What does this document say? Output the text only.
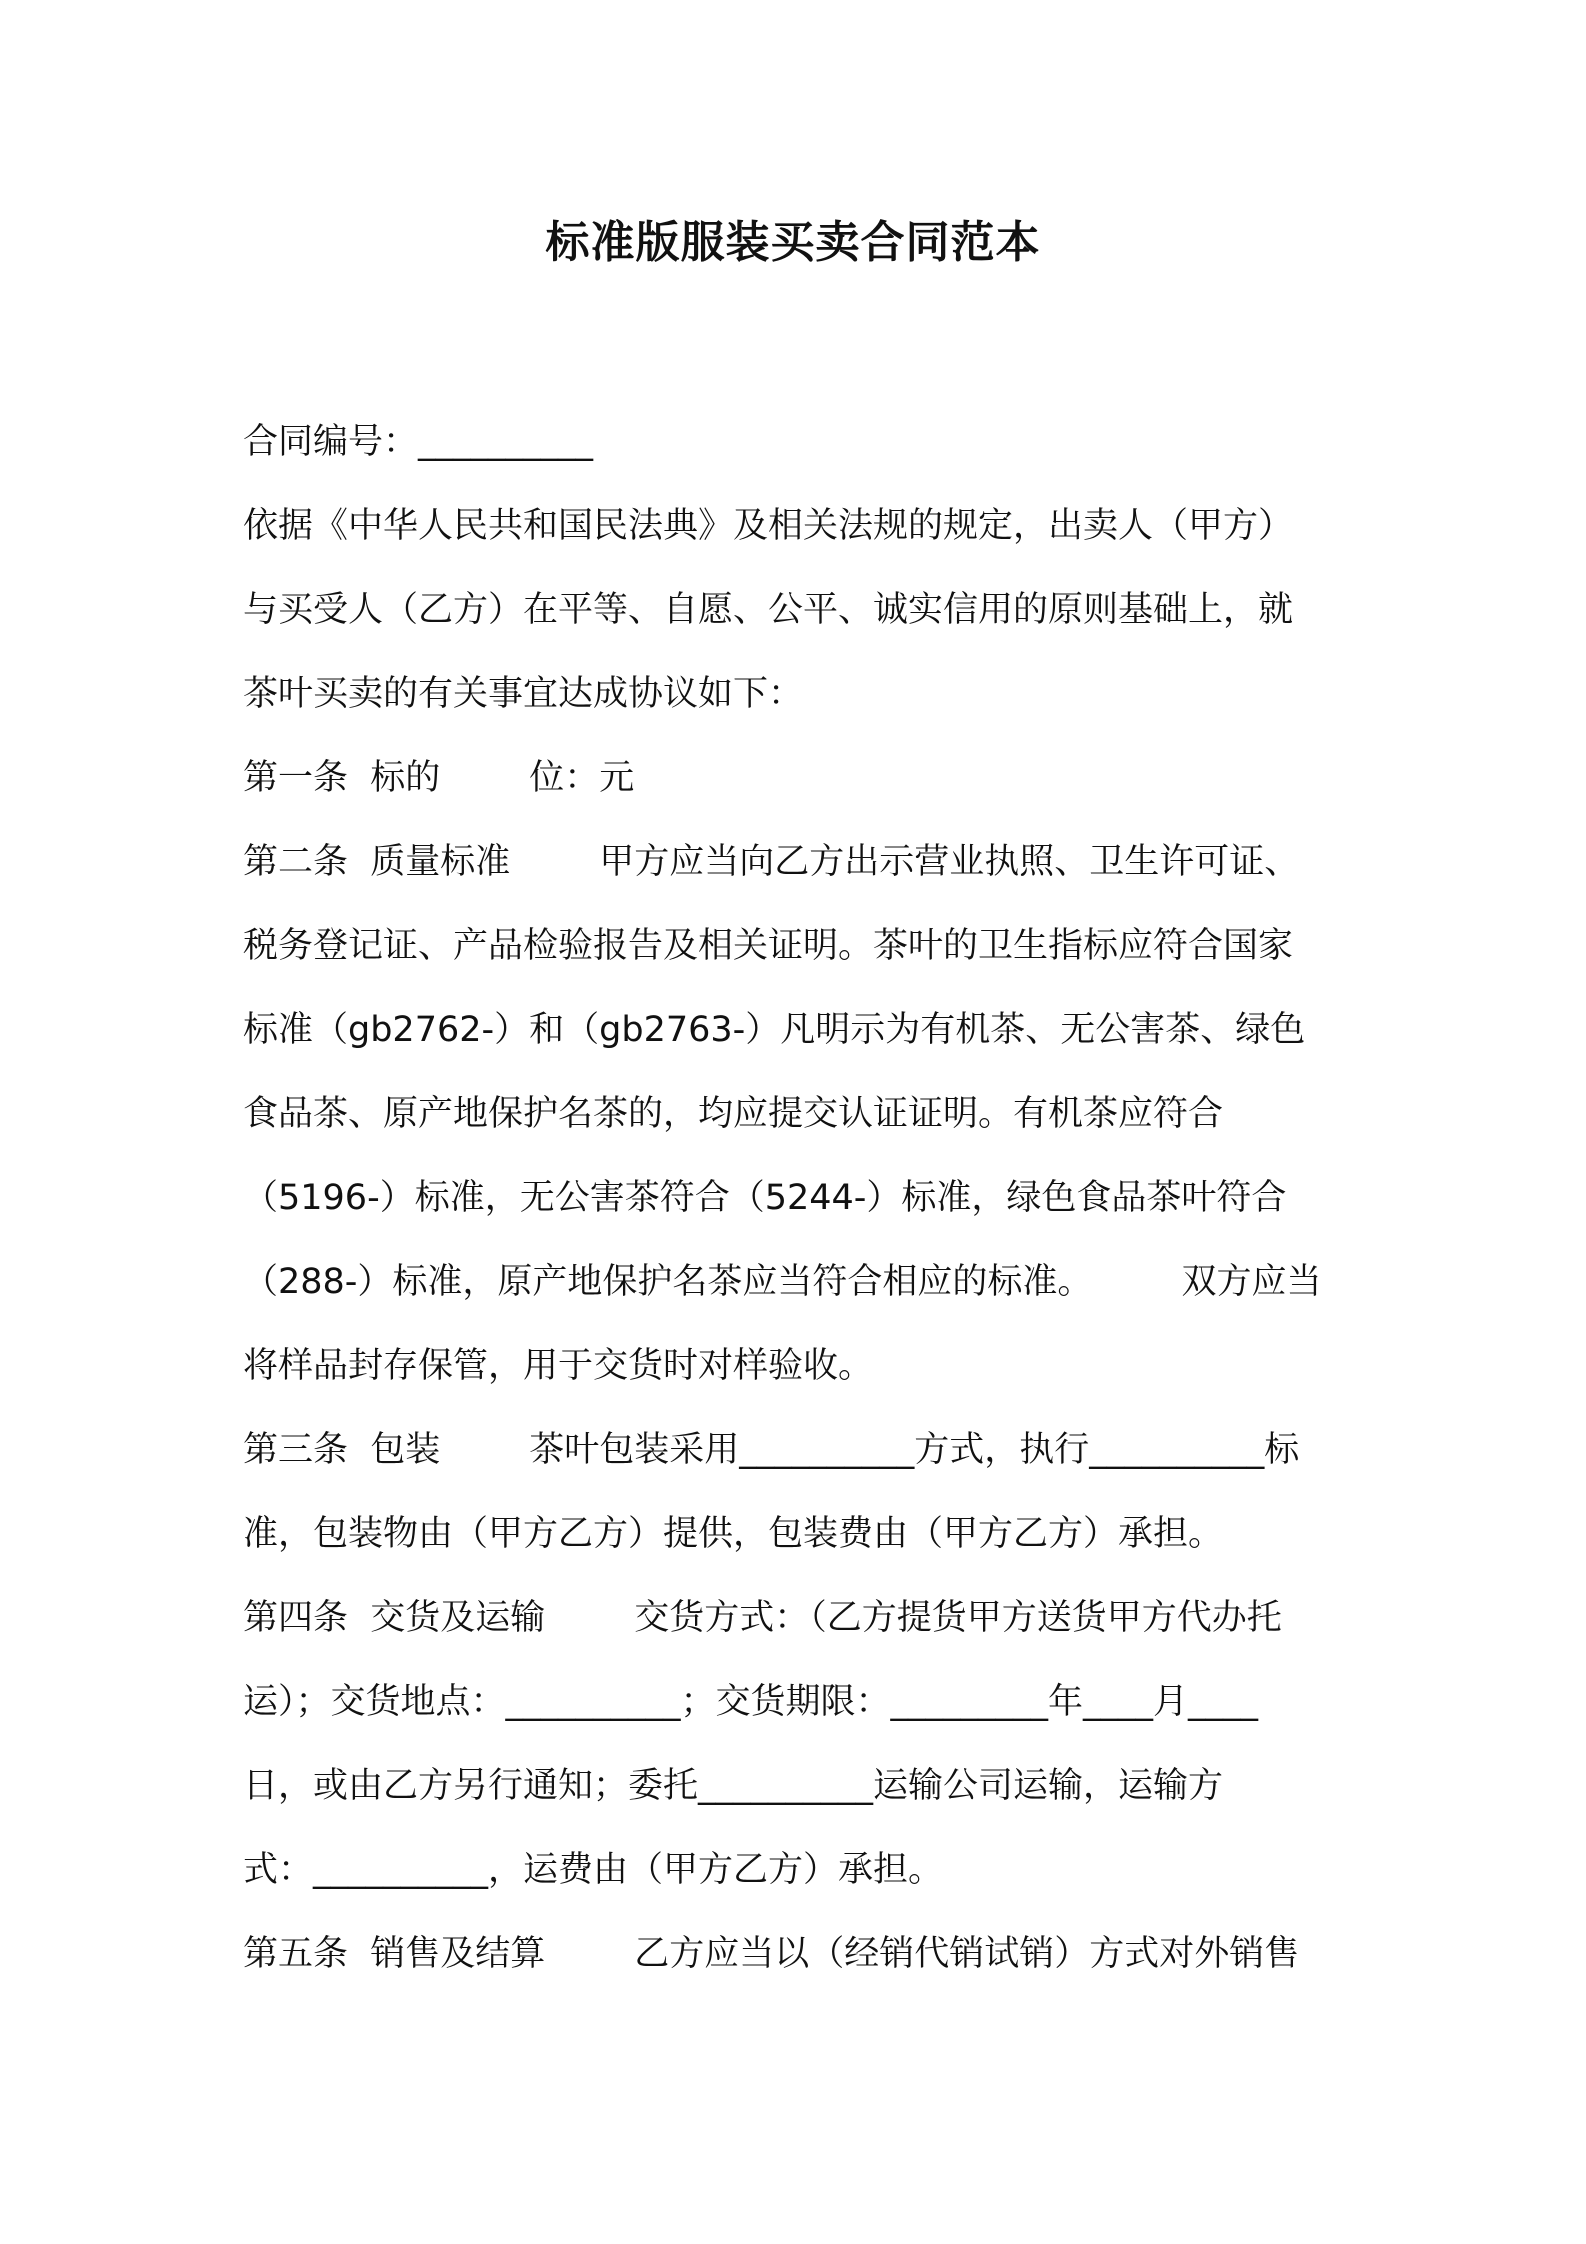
标准版服装买卖合同范本
合同编号：__________
依据《中华人民共和国民法典》及相关法规的规定，出卖人（甲方）
与买受人（乙方）在平等、自愿、公平、诚实信用的原则基础上，就
茶叶买卖的有关事宜达成协议如下：
第一条  标的        位：元
第二条  质量标准        甲方应当向乙方出示营业执照、卫生许可证、
税务登记证、产品检验报告及相关证明。茶叶的卫生指标应符合国家
标准（gb2762-）和（gb2763-）凡明示为有机茶、无公害茶、绿色
食品茶、原产地保护名茶的，均应提交认证证明。有机茶应符合
（5196-）标准，无公害茶符合（5244-）标准，绿色食品茶叶符合
（288-）标准，原产地保护名茶应当符合相应的标准。        双方应当
将样品封存保管，用于交货时对样验收。
第三条  包装        茶叶包装采用__________方式，执行__________标
准，包装物由（甲方乙方）提供，包装费由（甲方乙方）承担。
第四条  交货及运输        交货方式：（乙方提货甲方送货甲方代办托
运）；交货地点：__________；交货期限：_________年____月____
日，或由乙方另行通知；委托__________运输公司运输，运输方
式：__________，运费由（甲方乙方）承担。
第五条  销售及结算        乙方应当以（经销代销试销）方式对外销售
